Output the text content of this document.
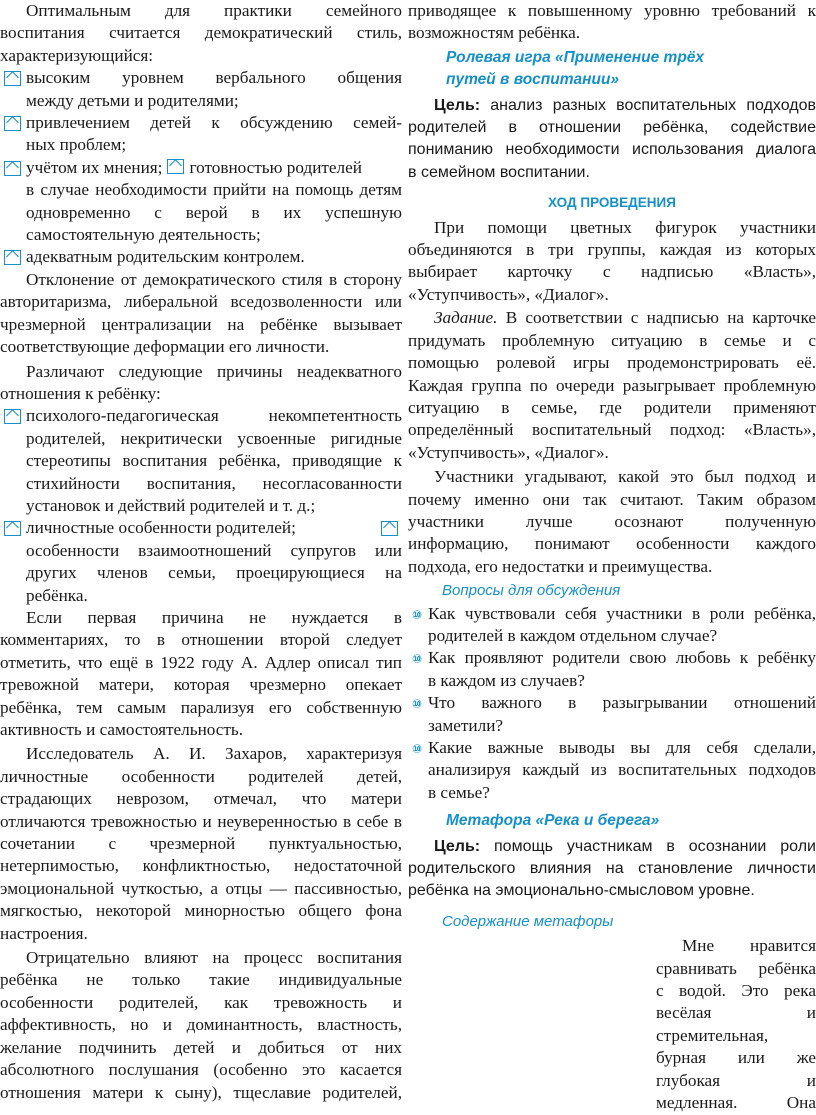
Оптимальным для практики семейного

воспитания считается демократический стиль,

характеризующийся:

высоким уровнем вербального общения

между детьми и родителями;

привлечением детей к обсуждению семей-

ных проблем;

учётом их мнения; готовностью родителей

в случае необходимости прийти на помощь детям

одновременно с верой в их успешную

самостоятельную деятельность;

адекватным родительским контролем.

Отклонение от демократического стиля в сторону

авторитаризма, либеральной вседозволенности или

чрезмерной централизации на ребёнке вызывает

соответствующие деформации его личности.

Различают следующие причины неадекватного

отношения к ребёнку:

психолого-педагогическая некомпетентность

родителей, некритически усвоенные ригидные

стереотипы воспитания ребёнка, приводящие к

стихийности воспитания, несогласованности

установок и действий родителей и т. д.;

личностные особенности родителей;

особенности взаимоотношений супругов или

других членов семьи, проецирующиеся на

ребёнка.

Если первая причина не нуждается в

комментариях, то в отношении второй следует

отметить, что ещё в 1922 году А. Адлер описал тип

тревожной матери, которая чрезмерно опекает

ребёнка, тем самым парализуя его собственную

активность и самостоятельность.

Исследователь А. И. Захаров, характеризуя

личностные особенности родителей детей,

страдающих неврозом, отмечал, что матери

отличаются тревожностью и неуверенностью в себе в

сочетании с чрезмерной пунктуальностью,

нетерпимостью, конфликтностью, недостаточной

эмоциональной чуткостью, а отцы — пассивностью,

мягкостью, некоторой минорностью общего фона

настроения.

Отрицательно влияют на процесс воспитания

ребёнка не только такие индивидуальные

особенности родителей, как тревожность и

аффективность, но и доминантность, властность,

желание подчинить детей и добиться от них

абсолютного послушания (особенно это касается

отношения матери к сыну), тщеславие родителей,

приводящее к повышенному уровню требований к

возможностям ребёнка.

Ролевая игра «Применение трёх

путей в воспитании»

Цель: анализ разных воспитательных подходов

родителей в отношении ребёнка, содействие

пониманию необходимости использования диалога

в семейном воспитании.

ХОД ПРОВЕДЕНИЯ

При помощи цветных фигурок участники

объединяются в три группы, каждая из которых

выбирает карточку с надписью «Власть»,

«Уступчивость», «Диалог».

Задание. В соответствии с надписью на карточке

придумать проблемную ситуацию в семье и с

помощью ролевой игры продемонстрировать её.

Каждая группа по очереди разыгрывает проблемную

ситуацию в семье, где родители применяют

определённый воспитательный подход: «Власть»,

«Уступчивость», «Диалог».

Участники угадывают, какой это был подход и

почему именно они так считают. Таким образом

участники лучше осознают полученную

информацию, понимают особенности каждого

подхода, его недостатки и преимущества.

Вопросы для обсуждения

⑩ Как чувствовали себя участники в роли ребёнка,

родителей в каждом отдельном случае?

⑩ Как проявляют родители свою любовь к ребёнку

в каждом из случаев?

⑩ Что важного в разыгрывании отношений

заметили?

⑩ Какие важные выводы вы для себя сделали,

анализируя каждый из воспитательных подходов

в семье?

Метафора «Река и берега»

Цель: помощь участникам в осознании роли

родительского влияния на становление личности

ребёнка на эмоционально-смысловом уровне.

Содержание метафоры

Мне нравится

сравнивать ребёнка

с водой. Это река

весёлая и

стремительная,

бурная или же

глубокая и

медленная. Она
